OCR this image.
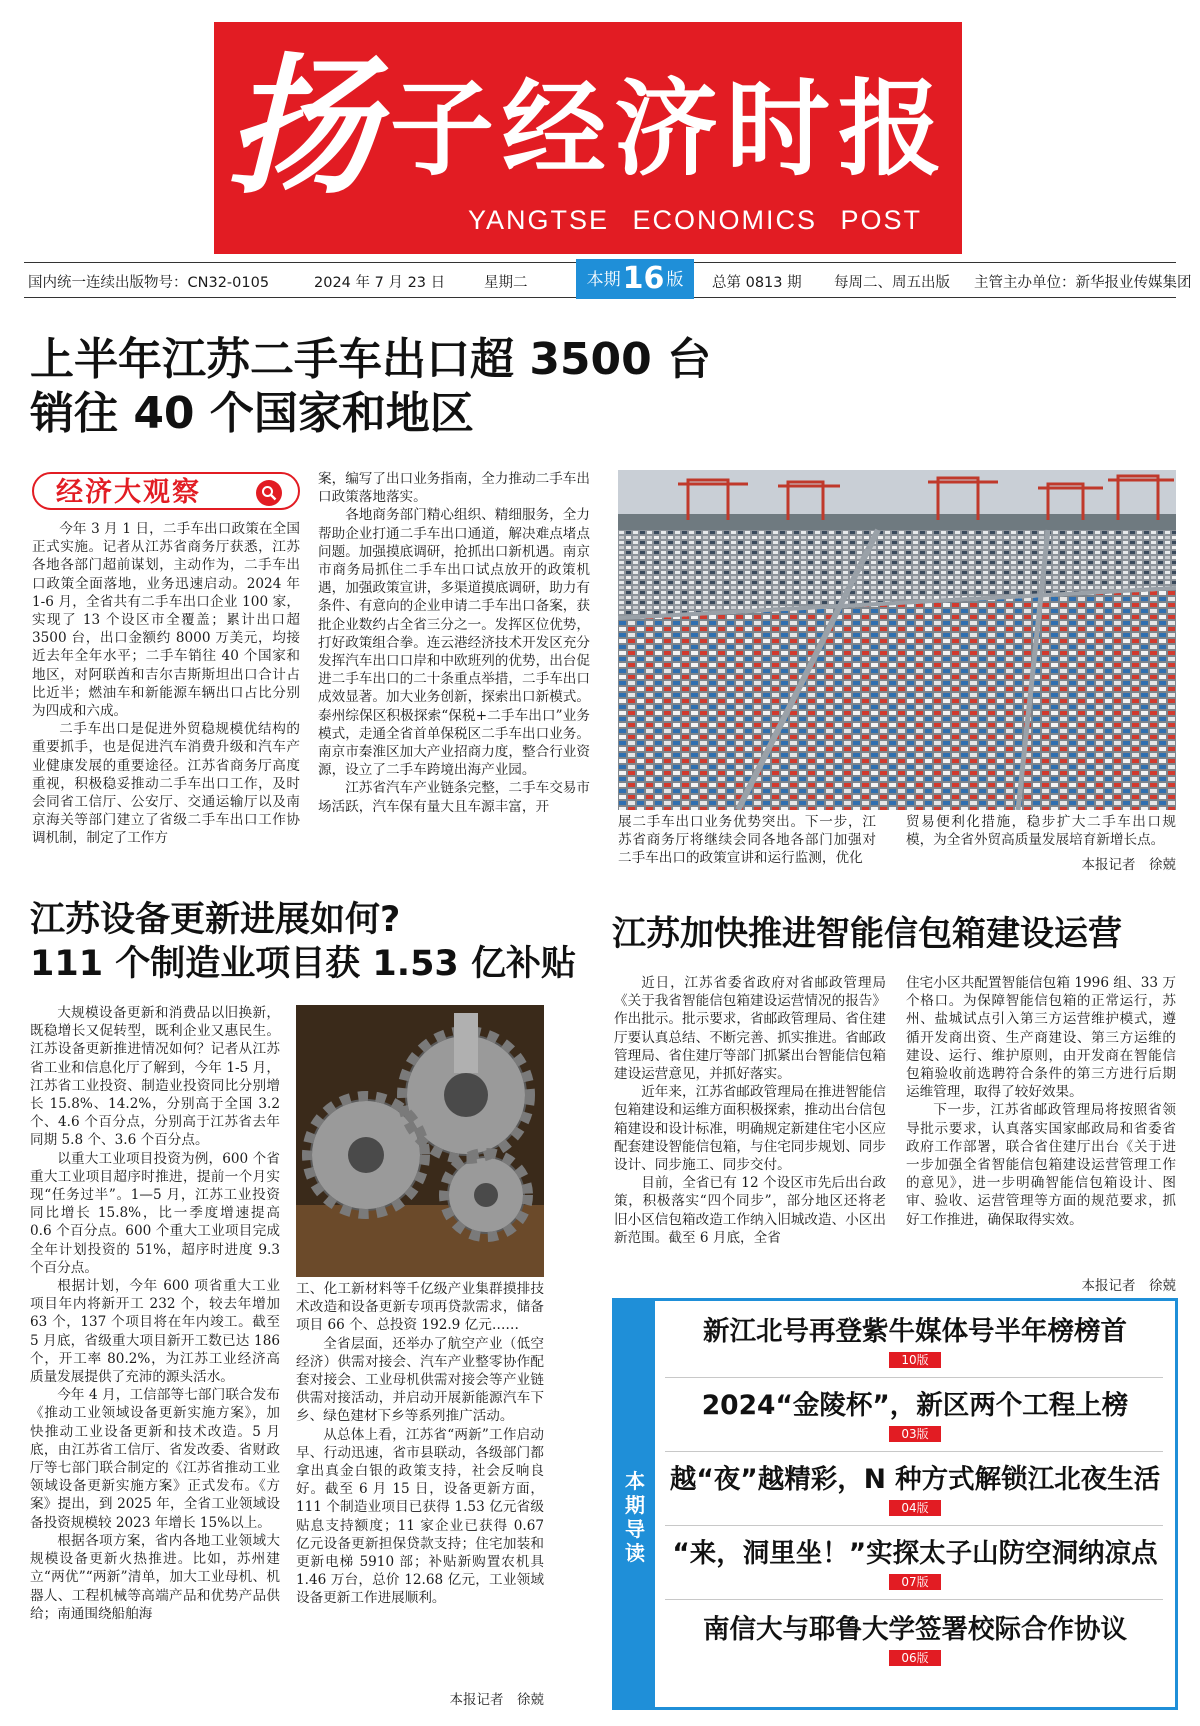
扬子经济时报
YANGTSE ECONOMICS POST
国内统一连续出版物号：CN32-0105	2024 年 7 月 23 日	星期二	本期16 版	总第 0813 期 每周二、周五出版 主管主办单位：新华报业传媒集团
上半年江苏二手车出口超 3500 台
销往 40 个国家和地区
经济大观察

今年 3 月 1 日，二手车出口政策在全国正式实施。记者从江苏省商务厅获悉，江苏各地各部门超前谋划，主动作为，二手车出口政策全面落地，业务迅速启动。2024 年 1-6 月，全省共有二手车出口企业 100 家，实现了 13 个设区市全覆盖；累计出口超 3500 台，出口金额约 8000 万美元，均接近去年全年水平；二手车销往 40 个国家和地区，对阿联酋和吉尔吉斯斯坦出口合计占比近半；燃油车和新能源车辆出口占比分别为四成和六成。

二手车出口是促进外贸稳规模优结构的重要抓手，也是促进汽车消费升级和汽车产业健康发展的重要途径。江苏省商务厅高度重视，积极稳妥推动二手车出口工作，及时会同省工信厅、公安厅、交通运输厅以及南京海关等部门建立了省级二手车出口工作协调机制，制定了工作方

案，编写了出口业务指南，全力推动二手车出口政策落地落实。

各地商务部门精心组织、精细服务，全力帮助企业打通二手车出口通道，解决难点堵点问题。加强摸底调研，抢抓出口新机遇。南京市商务局抓住二手车出口试点放开的政策机遇，加强政策宣讲，多渠道摸底调研，助力有条件、有意向的企业申请二手车出口备案，获批企业数约占全省三分之一。发挥区位优势，打好政策组合拳。连云港经济技术开发区充分发挥汽车出口口岸和中欧班列的优势，出台促进二手车出口的二十条重点举措，二手车出口成效显著。加大业务创新，探索出口新模式。泰州综保区积极探索“保税+二手车出口”业务模式，走通全省首单保税区二手车出口业务。南京市秦淮区加大产业招商力度，整合行业资源，设立了二手车跨境出海产业园。

江苏省汽车产业链条完整，二手车交易市场活跃，汽车保有量大且车源丰富，开

展二手车出口业务优势突出。下一步，江苏省商务厅将继续会同各地各部门加强对二手车出口的政策宣讲和运行监测，优化

贸易便利化措施，稳步扩大二手车出口规模，为全省外贸高质量发展培育新增长点。

本报记者　徐兢
江苏设备更新进展如何?
111 个制造业项目获 1.53 亿补贴

大规模设备更新和消费品以旧换新，既稳增长又促转型，既利企业又惠民生。江苏设备更新推进情况如何？记者从江苏省工业和信息化厅了解到，今年 1-5 月，江苏省工业投资、制造业投资同比分别增长 15.8%、14.2%，分别高于全国 3.2 个、4.6 个百分点，分别高于江苏省去年同期 5.8 个、3.6 个百分点。

以重大工业项目投资为例，600 个省重大工业项目超序时推进，提前一个月实现“任务过半”。1—5 月，江苏工业投资同比增长 15.8%，比一季度增速提高 0.6 个百分点。600 个重大工业项目完成全年计划投资的 51%，超序时进度 9.3 个百分点。

根据计划，今年 600 项省重大工业项目年内将新开工 232 个，较去年增加 63 个，137 个项目将在年内竣工。截至 5 月底，省级重大项目新开工数已达 186 个，开工率 80.2%，为江苏工业经济高质量发展提供了充沛的源头活水。

今年 4 月，工信部等七部门联合发布《推动工业领域设备更新实施方案》，加快推动工业设备更新和技术改造。5 月底，由江苏省工信厅、省发改委、省财政厅等七部门联合制定的《江苏省推动工业领域设备更新实施方案》正式发布。《方案》提出，到 2025 年，全省工业领域设备投资规模较 2023 年增长 15%以上。

根据各项方案，省内各地工业领域大规模设备更新火热推进。比如，苏州建立“两优”“两新”清单，加大工业母机、机器人、工程机械等高端产品和优势产品供给；南通围绕船舶海

工、化工新材料等千亿级产业集群摸排技术改造和设备更新专项再贷款需求，储备项目 66 个、总投资 192.9 亿元……

全省层面，还举办了航空产业（低空经济）供需对接会、汽车产业整零协作配套对接会、工业母机供需对接会等产业链供需对接活动，并启动开展新能源汽车下乡、绿色建材下乡等系列推广活动。

从总体上看，江苏省“两新”工作启动早、行动迅速，省市县联动，各级部门都拿出真金白银的政策支持，社会反响良好。截至 6 月 15 日，设备更新方面，111 个制造业项目已获得 1.53 亿元省级贴息支持额度；11 家企业已获得 0.67 亿元设备更新担保贷款支持；住宅加装和更新电梯 5910 部；补贴新购置农机具 1.46 万台，总价 12.68 亿元，工业领域设备更新工作进展顺利。

本报记者　徐兢
江苏加快推进智能信包箱建设运营

近日，江苏省委省政府对省邮政管理局《关于我省智能信包箱建设运营情况的报告》作出批示。批示要求，省邮政管理局、省住建厅要认真总结、不断完善、抓实推进。省邮政管理局、省住建厅等部门抓紧出台智能信包箱建设运营意见，并抓好落实。

近年来，江苏省邮政管理局在推进智能信包箱建设和运维方面积极探索，推动出台信包箱建设和设计标准，明确规定新建住宅小区应配套建设智能信包箱，与住宅同步规划、同步设计、同步施工、同步交付。

目前，全省已有 12 个设区市先后出台政策，积极落实“四个同步”，部分地区还将老旧小区信包箱改造工作纳入旧城改造、小区出新范围。截至 6 月底，全省

住宅小区共配置智能信包箱 1996 组、33 万个格口。为保障智能信包箱的正常运行，苏州、盐城试点引入第三方运营维护模式，遵循开发商出资、生产商建设、第三方运维的建设、运行、维护原则，由开发商在智能信包箱验收前选聘符合条件的第三方进行后期运维管理，取得了较好效果。

下一步，江苏省邮政管理局将按照省领导批示要求，认真落实国家邮政局和省委省政府工作部署，联合省住建厅出台《关于进一步加强全省智能信包箱建设运营管理工作的意见》，进一步明确智能信包箱设计、图审、验收、运营管理等方面的规范要求，抓好工作推进，确保取得实效。

本报记者　徐兢
本期导读
新江北号再登紫牛媒体号半年榜榜首
10版
2024“金陵杯”，新区两个工程上榜
03版
越“夜”越精彩，N 种方式解锁江北夜生活
04版
“来，洞里坐！”实探太子山防空洞纳凉点
07版
南信大与耶鲁大学签署校际合作协议
06版
